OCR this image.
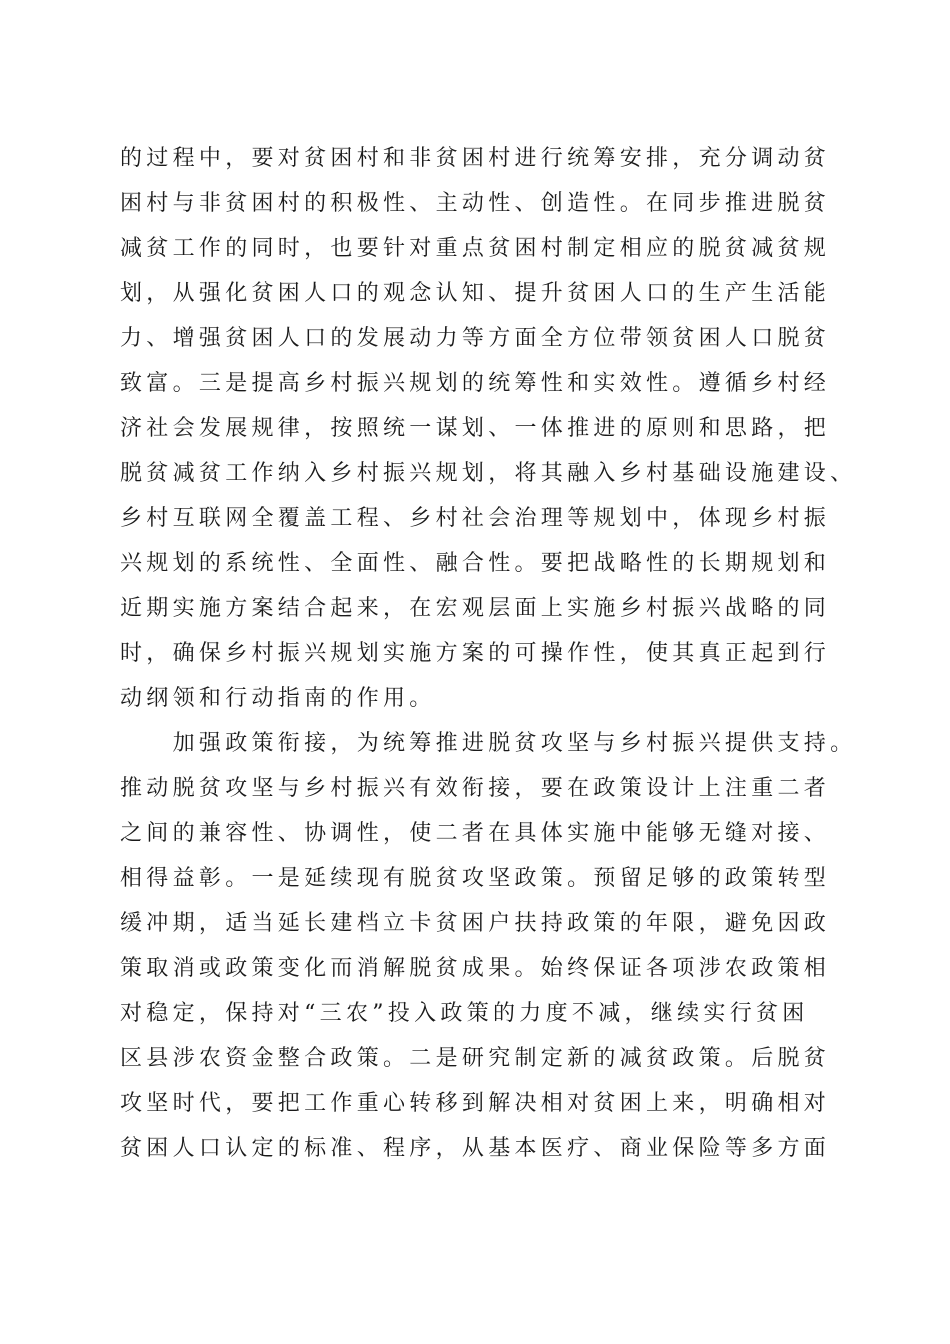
的过程中，要对贫困村和非贫困村进行统筹安排，充分调动贫
困村与非贫困村的积极性、主动性、创造性。在同步推进脱贫
减贫工作的同时，也要针对重点贫困村制定相应的脱贫减贫规
划，从强化贫困人口的观念认知、提升贫困人口的生产生活能
力、增强贫困人口的发展动力等方面全方位带领贫困人口脱贫
致富。三是提高乡村振兴规划的统筹性和实效性。遵循乡村经
济社会发展规律，按照统一谋划、一体推进的原则和思路，把
脱贫减贫工作纳入乡村振兴规划，将其融入乡村基础设施建设、
乡村互联网全覆盖工程、乡村社会治理等规划中，体现乡村振
兴规划的系统性、全面性、融合性。要把战略性的长期规划和
近期实施方案结合起来，在宏观层面上实施乡村振兴战略的同
时，确保乡村振兴规划实施方案的可操作性，使其真正起到行
动纲领和行动指南的作用。
　　加强政策衔接，为统筹推进脱贫攻坚与乡村振兴提供支持。
推动脱贫攻坚与乡村振兴有效衔接，要在政策设计上注重二者
之间的兼容性、协调性，使二者在具体实施中能够无缝对接、
相得益彰。一是延续现有脱贫攻坚政策。预留足够的政策转型
缓冲期，适当延长建档立卡贫困户扶持政策的年限，避免因政
策取消或政策变化而消解脱贫成果。始终保证各项涉农政策相
对稳定，保持对“三农”投入政策的力度不减，继续实行贫困
区县涉农资金整合政策。二是研究制定新的减贫政策。后脱贫
攻坚时代，要把工作重心转移到解决相对贫困上来，明确相对
贫困人口认定的标准、程序，从基本医疗、商业保险等多方面
